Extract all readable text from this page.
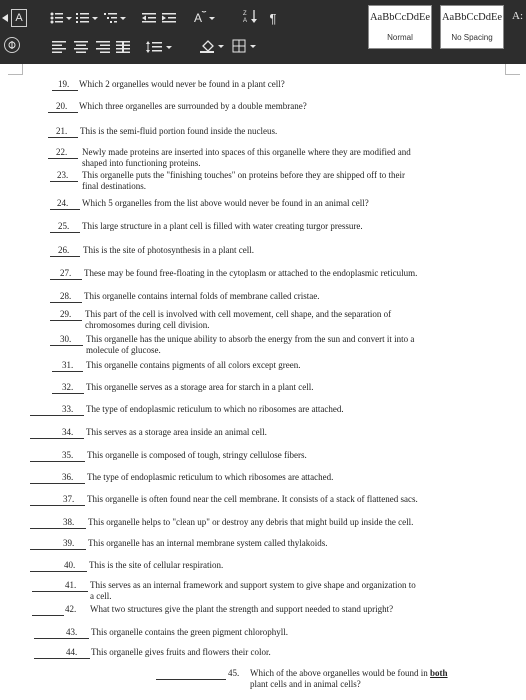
A	A	Z
A ¶	AaBbCcDdEe
Normal
AaBbCcDdEe
No Spacing
A:
19. Which 2 organelles would never be found in a plant cell?
20. Which three organelles are surrounded by a double membrane?
21. This is the semi-fluid portion found inside the nucleus.
22. Newly made proteins are inserted into spaces of this organelle where they are modified and
shaped into functioning proteins.
23. This organelle puts the "finishing touches" on proteins before they are shipped off to their
final destinations.
24. Which 5 organelles from the list above would never be found in an animal cell?
25. This large structure in a plant cell is filled with water creating turgor pressure.
26. This is the site of photosynthesis in a plant cell.
27. These may be found free-floating in the cytoplasm or attached to the endoplasmic reticulum.
28. This organelle contains internal folds of membrane called cristae.
29. This part of the cell is involved with cell movement, cell shape, and the separation of
chromosomes during cell division.
30. This organelle has the unique ability to absorb the energy from the sun and convert it into a
molecule of glucose.
31. This organelle contains pigments of all colors except green.
32. This organelle serves as a storage area for starch in a plant cell.
33. The type of endoplasmic reticulum to which no ribosomes are attached.
34. This serves as a storage area inside an animal cell.
35. This organelle is composed of tough, stringy cellulose fibers.
36. The type of endoplasmic reticulum to which ribosomes are attached.
37. This organelle is often found near the cell membrane. It consists of a stack of flattened sacs.
38. This organelle helps to "clean up" or destroy any debris that might build up inside the cell.
39. This organelle has an internal membrane system called thylakoids.
40. This is the site of cellular respiration.
41. This serves as an internal framework and support system to give shape and organization to
a cell.
42. What two structures give the plant the strength and support needed to stand upright?
43. This organelle contains the green pigment chlorophyll.
44. This organelle gives fruits and flowers their color.
45. Which of the above organelles would be found in both
plant cells and in animal cells?
